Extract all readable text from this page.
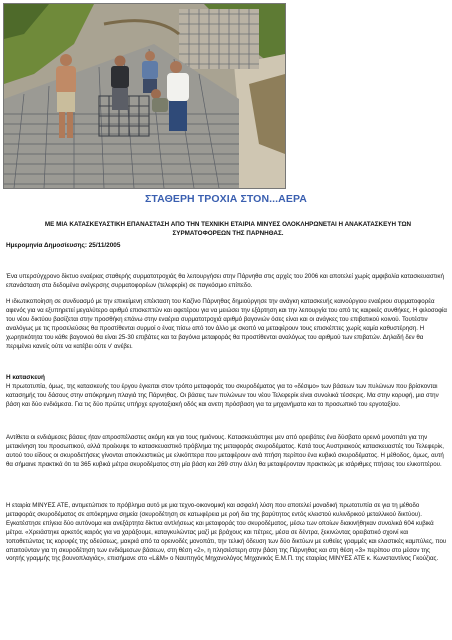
ΣΤΑΘΕΡΗ ΤΡΟΧΙΑ ΣΤΟΝ...ΑΕΡΑ
ΜΕ ΜΙΑ ΚΑΤΑΣΚΕΥΑΣΤΙΚΗ ΕΠΑΝΑΣΤΑΣΗ ΑΠΟ ΤΗΝ ΤΕΧΝΙΚΗ ΕΤΑΙΡΙΑ ΜΙΝΥΕΣ ΟΛΟΚΛΗΡΩΝΕΤΑΙ Η ΑΝΑΚΑΤΑΣΚΕΥΗ ΤΩΝ ΣΥΡΜΑΤΟΦΟΡΕΩΝ ΤΗΣ ΠΑΡΝΗΘΑΣ.
Ημερομηνία Δημοσίευσης: 25/11/2005

Ένα υπερσύγχρονο δίκτυο εναέριας σταθερής συρματοτροχιάς θα λειτουργήσει στην Πάρνηθα στις αρχές του 2006 και αποτελεί χωρίς αμφιβολία κατασκευαστική επανάσταση στα δεδομένα ανέγερσης συρματοφορέων (τελεφερίκ) σε παγκόσμιο επίπεδο.

Η ιδιωτικοποίηση σε συνδυασμό με την επικείμενη επέκταση του Καζίνο Πάρνηθας δημιούργησε την ανάγκη κατασκευής καινούργιου εναέριου συρματοφορέα αφενός για να εξυπηρετεί μεγαλύτερο αριθμό επισκεπτών και αφετέρου για να μειώσει την εξάρτηση και την λειτουργία του από τις καιρικές συνθήκες. Η φιλοσοφία του νέου δικτύου βασίζεται στην προσθήκη επάνω στην εναέρια συρματοτροχιά αριθμό βαγονιών όσες είναι και οι ανάγκες του επιβατικού κοινού. Τουτέστιν αναλόγως με τις προσελεύσεις θα προστίθενται συρμοί ο ένας πίσω από τον άλλο με σκοπό να μεταφέρουν τους επισκέπτες χωρίς καμία καθυστέρηση. Η χωρητικότητα του κάθε βαγονιού θα είναι 25-30 επιβάτες και τα βαγόνια μεταφοράς θα προστίθενται αναλόγως του αριθμού των επιβατών. Δηλαδή δεν θα περιμένει κανείς ούτε να κατέβει ούτε ν' ανέβει.

Η κατασκευή

Η πρωτοτυπία, όμως, της κατασκευής του έργου έγκειται στον τρόπο μεταφοράς του σκυροδέματος για το «δέσιμο» των βάσεων των πυλώνων που βρίσκονται κατασημής του δάσους στην απόκρημνη πλαγιά της Πάρνηθας. Οι βάσεις των πυλώνων του νέου Τελεφερίκ είναι συνολικά τέσσερις. Μα στην κορυφή, μια στην βάση και δύο ενδιάμεσα. Για τις δύο πρώτες υπήρχε εργοταξιακή οδός και ανετη πρόσβαση για τα μηχανήματα και το προσωπικό του εργοταξίου.

Αντίθετα οι ενδιάμεσες βάσεις ήταν απροσπέλαστες ακόμη και για τους ημιόνους. Κατασκευάστηκε μεν από ορειβάτες ένα δύσβατο ορεινό μονοπάτι για την μετακίνηση του προσωπικού, αλλά προέκυψε το κατασκευαστικό πρόβλημα της μεταφοράς σκυροδέματος. Κατά τους Αυστριακούς κατασκευαστές του Τελεφερίκ, αυτού του είδους οι σκυροδετήσεις γίνονται αποκλειστικώς με ελικόπτερα που μεταφέρουν ανά πτήση περίπου ένα κυβικό σκυροδέματος. Η μέθοδος, όμως, αυτή θα σήμαινε πρακτικά ότι τα 365 κυβικά μέτρα σκυροδέματος στη μία βάση και 269 στην άλλη θα μεταφέρονταν πρακτικώς με ισάριθμες πτήσεις του ελικοπτέρου.

Η εταιρία ΜΙΝΥΕΣ ΑΤΕ, αντιμετώπισε το πρόβλημα αυτό με μια τεχνο-οικονομική και ασφαλή λύση που αποτελεί μοναδική πρωτοτυπία σε για τη μέθοδο μεταφοράς σκυροδέματος σε απόκρημνα σημεία (σκυροδέτηση σε κατωφέρεια με ροή δια της βαρύτητος εντός κλειστού κυλινδρικού μεταλλικού δικτύου). Εγκατέστησε επίγεια δύο αυτόνομα και ανεξάρτητα δίκτυα αντλήσεως και μεταφοράς του σκυροδέματος, μέσω των οποίων διακινήθηκαν συνολικά 604 κυβικά μέτρα. «Χρειάστηκε αρκετός καιρός για να χαράξουμε, καταγκυλώντας μαζί με βράχους και πέτρες, μέσα σε δέντρα, ξεκινώντας ορειβατικό σχοινί και τοποθετώντας τις κορυφές της οδεύσεως, μακριά από τα ορεινοδές μονοπάτι, την τελική όδευση των δύο δικτύων με ευθείες γραμμές και ελαστικές καμπύλες, που απαιτούνταν για τη σκυροδέτηση των ενδιάμεσων βάσεων, στη θέση «2», η πλησιέστερη στην βάση της Πάρνηθας και στη θέση «3» περίπου στο μέσον της νοητής γραμμής της βουνοπλαγιάς», επισήμανε στο «L&M» ο Ναυπηγός Μηχανολόγος Μηχανικός Ε.Μ.Π. της εταιρίας ΜΙΝΥΕΣ ΑΤΕ κ. Κωνσταντίνος Γκούζιας.
